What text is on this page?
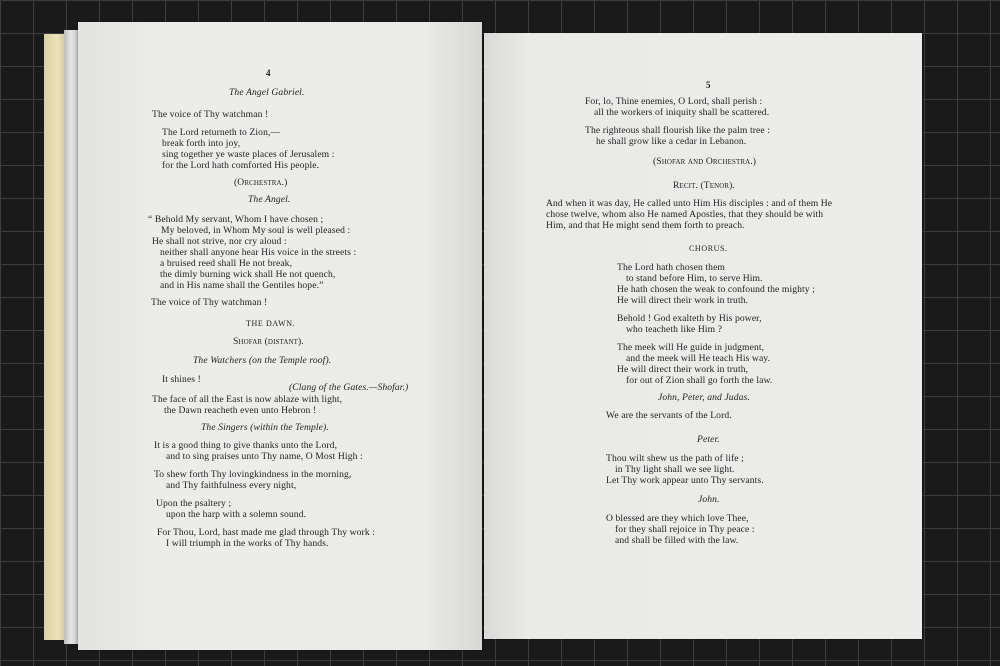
4
The Angel Gabriel.
The voice of Thy watchman !
The Lord returneth to Zion,—
break forth into joy,
sing together ye waste places of Jerusalem :
for the Lord hath comforted His people.
(Orchestra.)
The Angel.
“ Behold My servant, Whom I have chosen ;
My beloved, in Whom My soul is well pleased :
He shall not strive, nor cry aloud :
neither shall anyone hear His voice in the streets :
a bruised reed shall He not break,
the dimly burning wick shall He not quench,
and in His name shall the Gentiles hope.”
The voice of Thy watchman !
THE DAWN.
Shofar (distant).
The Watchers (on the Temple roof).
It shines !
(Clang of the Gates.—Shofar.)
The face of all the East is now ablaze with light,
the Dawn reacheth even unto Hebron !
The Singers (within the Temple).
It is a good thing to give thanks unto the Lord,
and to sing praises unto Thy name, O Most High :
To shew forth Thy lovingkindness in the morning,
and Thy faithfulness every night,
Upon the psaltery ;
upon the harp with a solemn sound.
For Thou, Lord, hast made me glad through Thy work :
I will triumph in the works of Thy hands.
5
For, lo, Thine enemies, O Lord, shall perish :
all the workers of iniquity shall be scattered.
The righteous shall flourish like the palm tree :
he shall grow like a cedar in Lebanon.
(Shofar and Orchestra.)
Recit. (Tenor).
And when it was day, He called unto Him His disciples : and of them He
chose twelve, whom also He named Apostles, that they should be with
Him, and that He might send them forth to preach.
CHORUS.
The Lord hath chosen them
to stand before Him, to serve Him.
He hath chosen the weak to confound the mighty ;
He will direct their work in truth.
Behold ! God exalteth by His power,
who teacheth like Him ?
The meek will He guide in judgment,
and the meek will He teach His way.
He will direct their work in truth,
for out of Zion shall go forth the law.
John, Peter, and Judas.
We are the servants of the Lord.
Peter.
Thou wilt shew us the path of life ;
in Thy light shall we see light.
Let Thy work appear unto Thy servants.
John.
O blessed are they which love Thee,
for they shall rejoice in Thy peace :
and shall be filled with the law.
